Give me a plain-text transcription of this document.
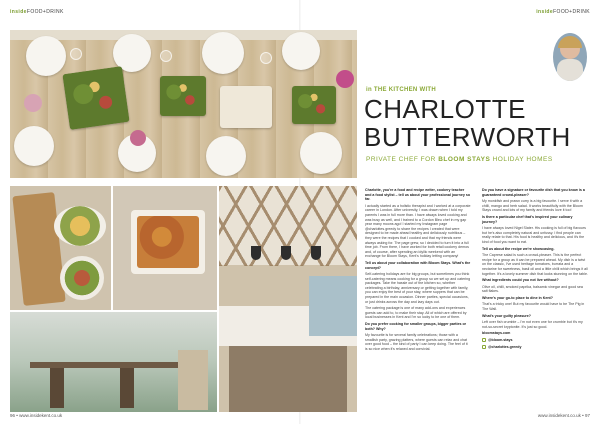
insideFOOD+DRINK	insideFOOD+DRINK
in THE KITCHEN WITH
CHARLOTTE
BUTTERWORTH
PRIVATE CHEF FOR BLOOM STAYS HOLIDAY HOMES

Charlotte, you're a food and recipe writer, cookery teacher and a food stylist – tell us about your professional journey so far.

I actually started as a holistic therapist and I worked at a corporate career in London. After university, I was drawn when I told my parents I was in full more than. I have always loved cooking and was busy as well, and I trained to a Cordon Bleu chef in my gap year many moons ago! I started my Instagram page @charlottes.greedy to share the recipes I created that were designed to be made ahead healthy and deliciously nutritious – they were the recipes that I cooked and that my friends were always asking for. The page grew, so I decided to turn it into a full time job. From there, I have worked for both retail cookery demos and, of course, after spending an idyllic weekend with an exchange for Bloom Stays, Kent's holiday letting company!

Tell us about your collaboration with Bloom Stays. What's the concept?

Self-catering holidays are for big groups, but sometimes you think self-catering means cooking for a group so we set up and catering packages. Take the hassle out of the kitchen so, whether celebrating a birthday, anniversary or getting together with family, you can enjoy the best of your stay, where suppers that can be prepared in the main occasion. Dinner parties, special occasions, or just drinks across the day and lazy days out.

The catering package is one of many add-ons and experiences guests can add to, to make their stay. All of which are offered by local businesses in Kent and I'm so lucky to be one of them.

Do you prefer cooking for smaller groups, bigger parties or both? Why?

My favourite is for several family celebrations; those with a smallish party, grazing platters, where guests can relax and chat over good food – the kind of party I can keep doing. The feel of it is so nice when it's relaxed and convivial.

Do you have a signature or favourite dish that you know is a guaranteed crowd-pleaser?

My monkfish and prawn curry is a big favourite. I serve it with a chilli, mango and herb salad. It works beautifully with the Bloom Stays crowd and lots of my family and friends love it too!

Is there a particular chef that's inspired your culinary journey?

I have always loved Nigel Slater. His cooking is full of big flavours but he's also completely natural and unfussy. I find people can really relate to that. His food is healthy and delicious, and it's the kind of food you want to eat.

Tell us about the recipe we're showcasing.

The Caprese salad is such a crowd-pleaser. This is the perfect recipe for a group as it can be prepared ahead. My dish is a twist on the classic, I've used heritage tomatoes, burrata and a nectarine for sweetness, basil oil and a little chilli which brings it all together. It's a lovely summer dish that looks stunning on the table.

What ingredients could you not live without?

Olive oil, chilli, smoked paprika, balsamic vinegar and good sea salt flakes.

Where's your go-to place to dine in Kent?

That's a tricky one! But my favourite would have to be The Pig in The Wall.

What's your guilty pleasure?

Left over fish crumble – I'm not even one for crumble but it's my not-so-secret kryptonite. It's just so good.

bloomstays.com

@bloom.stays

@charlottes.greedy

96 • www.insidekent.co.uk	www.insidekent.co.uk • 97
